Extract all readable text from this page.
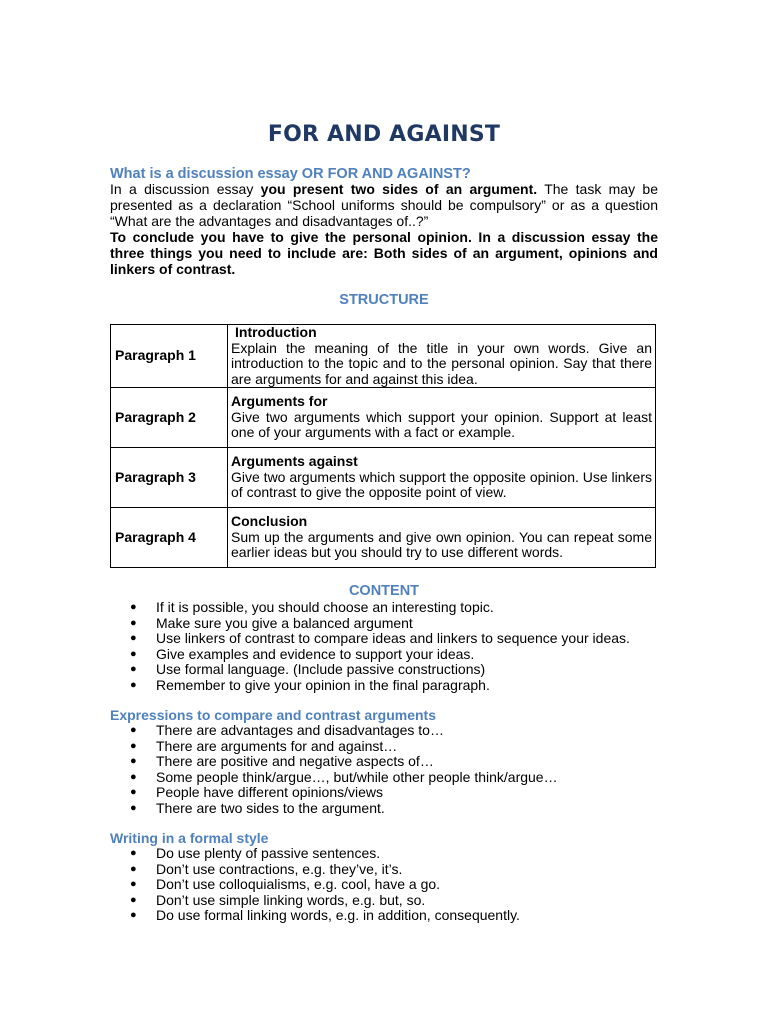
FOR AND AGAINST
What is a discussion essay OR FOR AND AGAINST?

In a discussion essay you present two sides of an argument. The task may be presented as a declaration “School uniforms should be compulsory” or as a question “What are the advantages and disadvantages of..?”

To conclude you have to give the personal opinion. In a discussion essay the three things you need to include are: Both sides of an argument, opinions and linkers of contrast.

STRUCTURE
Paragraph 1	Introduction
Explain the meaning of the title in your own words. Give an introduction to the topic and to the personal opinion. Say that there are arguments for and against this idea.

Paragraph 2	Arguments for
Give two arguments which support your opinion. Support at least one of your arguments with a fact or example.

Paragraph 3	Arguments against
Give two arguments which support the opposite opinion. Use linkers of contrast to give the opposite point of view.

Paragraph 4	Conclusion
Sum up the arguments and give own opinion. You can repeat some earlier ideas but you should try to use different words.
CONTENT
● If it is possible, you should choose an interesting topic.
● Make sure you give a balanced argument
● Use linkers of contrast to compare ideas and linkers to sequence your ideas.
● Give examples and evidence to support your ideas.
● Use formal language. (Include passive constructions)
● Remember to give your opinion in the final paragraph.
Expressions to compare and contrast arguments
● There are advantages and disadvantages to…
● There are arguments for and against…
● There are positive and negative aspects of…
● Some people think/argue…, but/while other people think/argue…
● People have different opinions/views
● There are two sides to the argument.
Writing in a formal style
● Do use plenty of passive sentences.
● Don’t use contractions, e.g. they’ve, it’s.
● Don’t use colloquialisms, e.g. cool, have a go.
● Don’t use simple linking words, e.g. but, so.
● Do use formal linking words, e.g. in addition, consequently.
